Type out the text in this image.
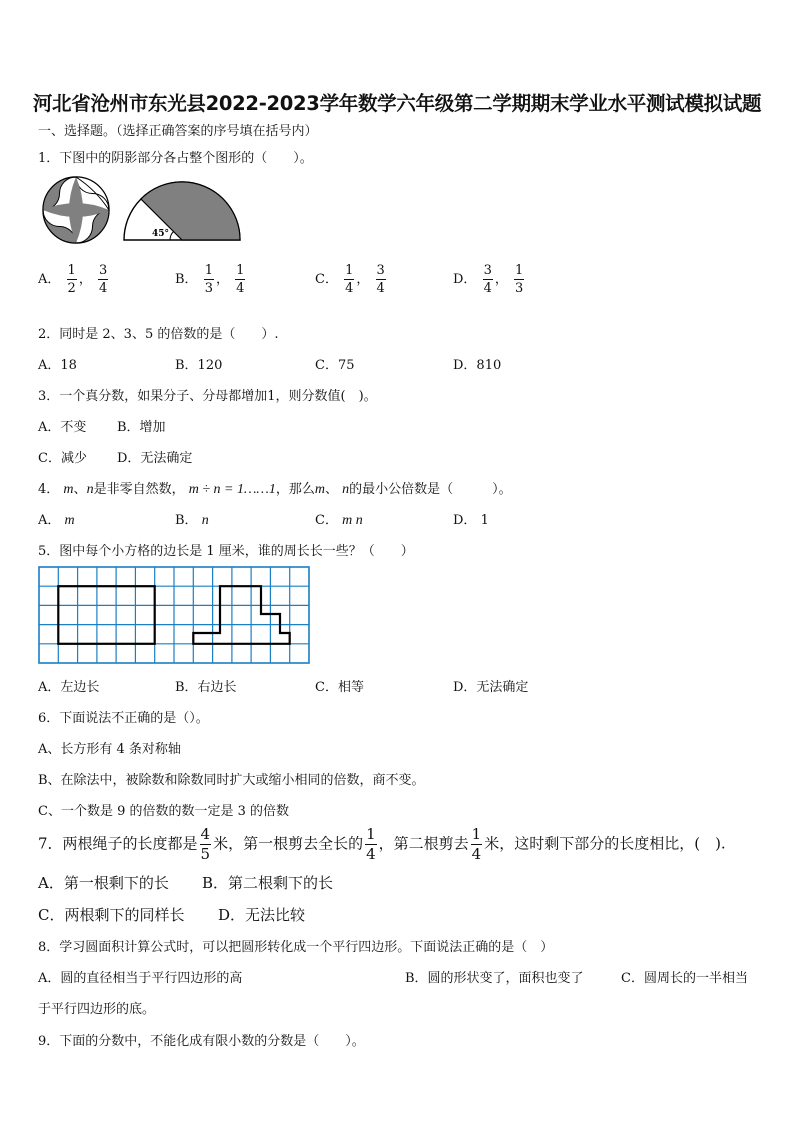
河北省沧州市东光县2022-2023学年数学六年级第二学期期末学业水平测试模拟试题
一、选择题。（选择正确答案的序号填在括号内）
1．下图中的阴影部分各占整个图形的（　　）。
45°
A． $\frac{1}{2}$ ， $\frac{3}{4}$	B． $\frac{1}{3}$ ， $\frac{1}{4}$	C． $\frac{1}{4}$ ， $\frac{3}{4}$	D． $\frac{3}{4}$ ， $\frac{1}{3}$
2．同时是 2、3、5 的倍数的是（　　）.
A．18	B．120	C．75	D．810
3．一个真分数，如果分子、分母都增加1，则分数值(　)。
A．不变 B．增加
C．减少 D．无法确定
4． m、n是非零自然数， m ÷ n = 1……1，那么m、 n的最小公倍数是（　　　）。
A． m	B． n	C． m n	D． 1
5．图中每个小方格的边长是 1 厘米，谁的周长长一些？（　　）
A．左边长	B．右边长	C．相等	D．无法确定
6．下面说法不正确的是（）。
A、长方形有 4 条对称轴
B、在除法中，被除数和除数同时扩大或缩小相同的倍数，商不变。
C、一个数是 9 的倍数的数一定是 3 的倍数
7．两根绳子的长度都是 $\frac{4}{5}$ 米，第一根剪去全长的 $\frac{1}{4}$ ，第二根剪去 $\frac{1}{4}$ 米，这时剩下部分的长度相比，(　).
A．第一根剩下的长 B．第二根剩下的长
C．两根剩下的同样长 D．无法比较
8．学习圆面积计算公式时，可以把圆形转化成一个平行四边形。下面说法正确的是（　）
A．圆的直径相当于平行四边形的高	B．圆的形状变了，面积也变了	C．圆周长的一半相当
于平行四边形的底。
9．下面的分数中，不能化成有限小数的分数是（　　）。
